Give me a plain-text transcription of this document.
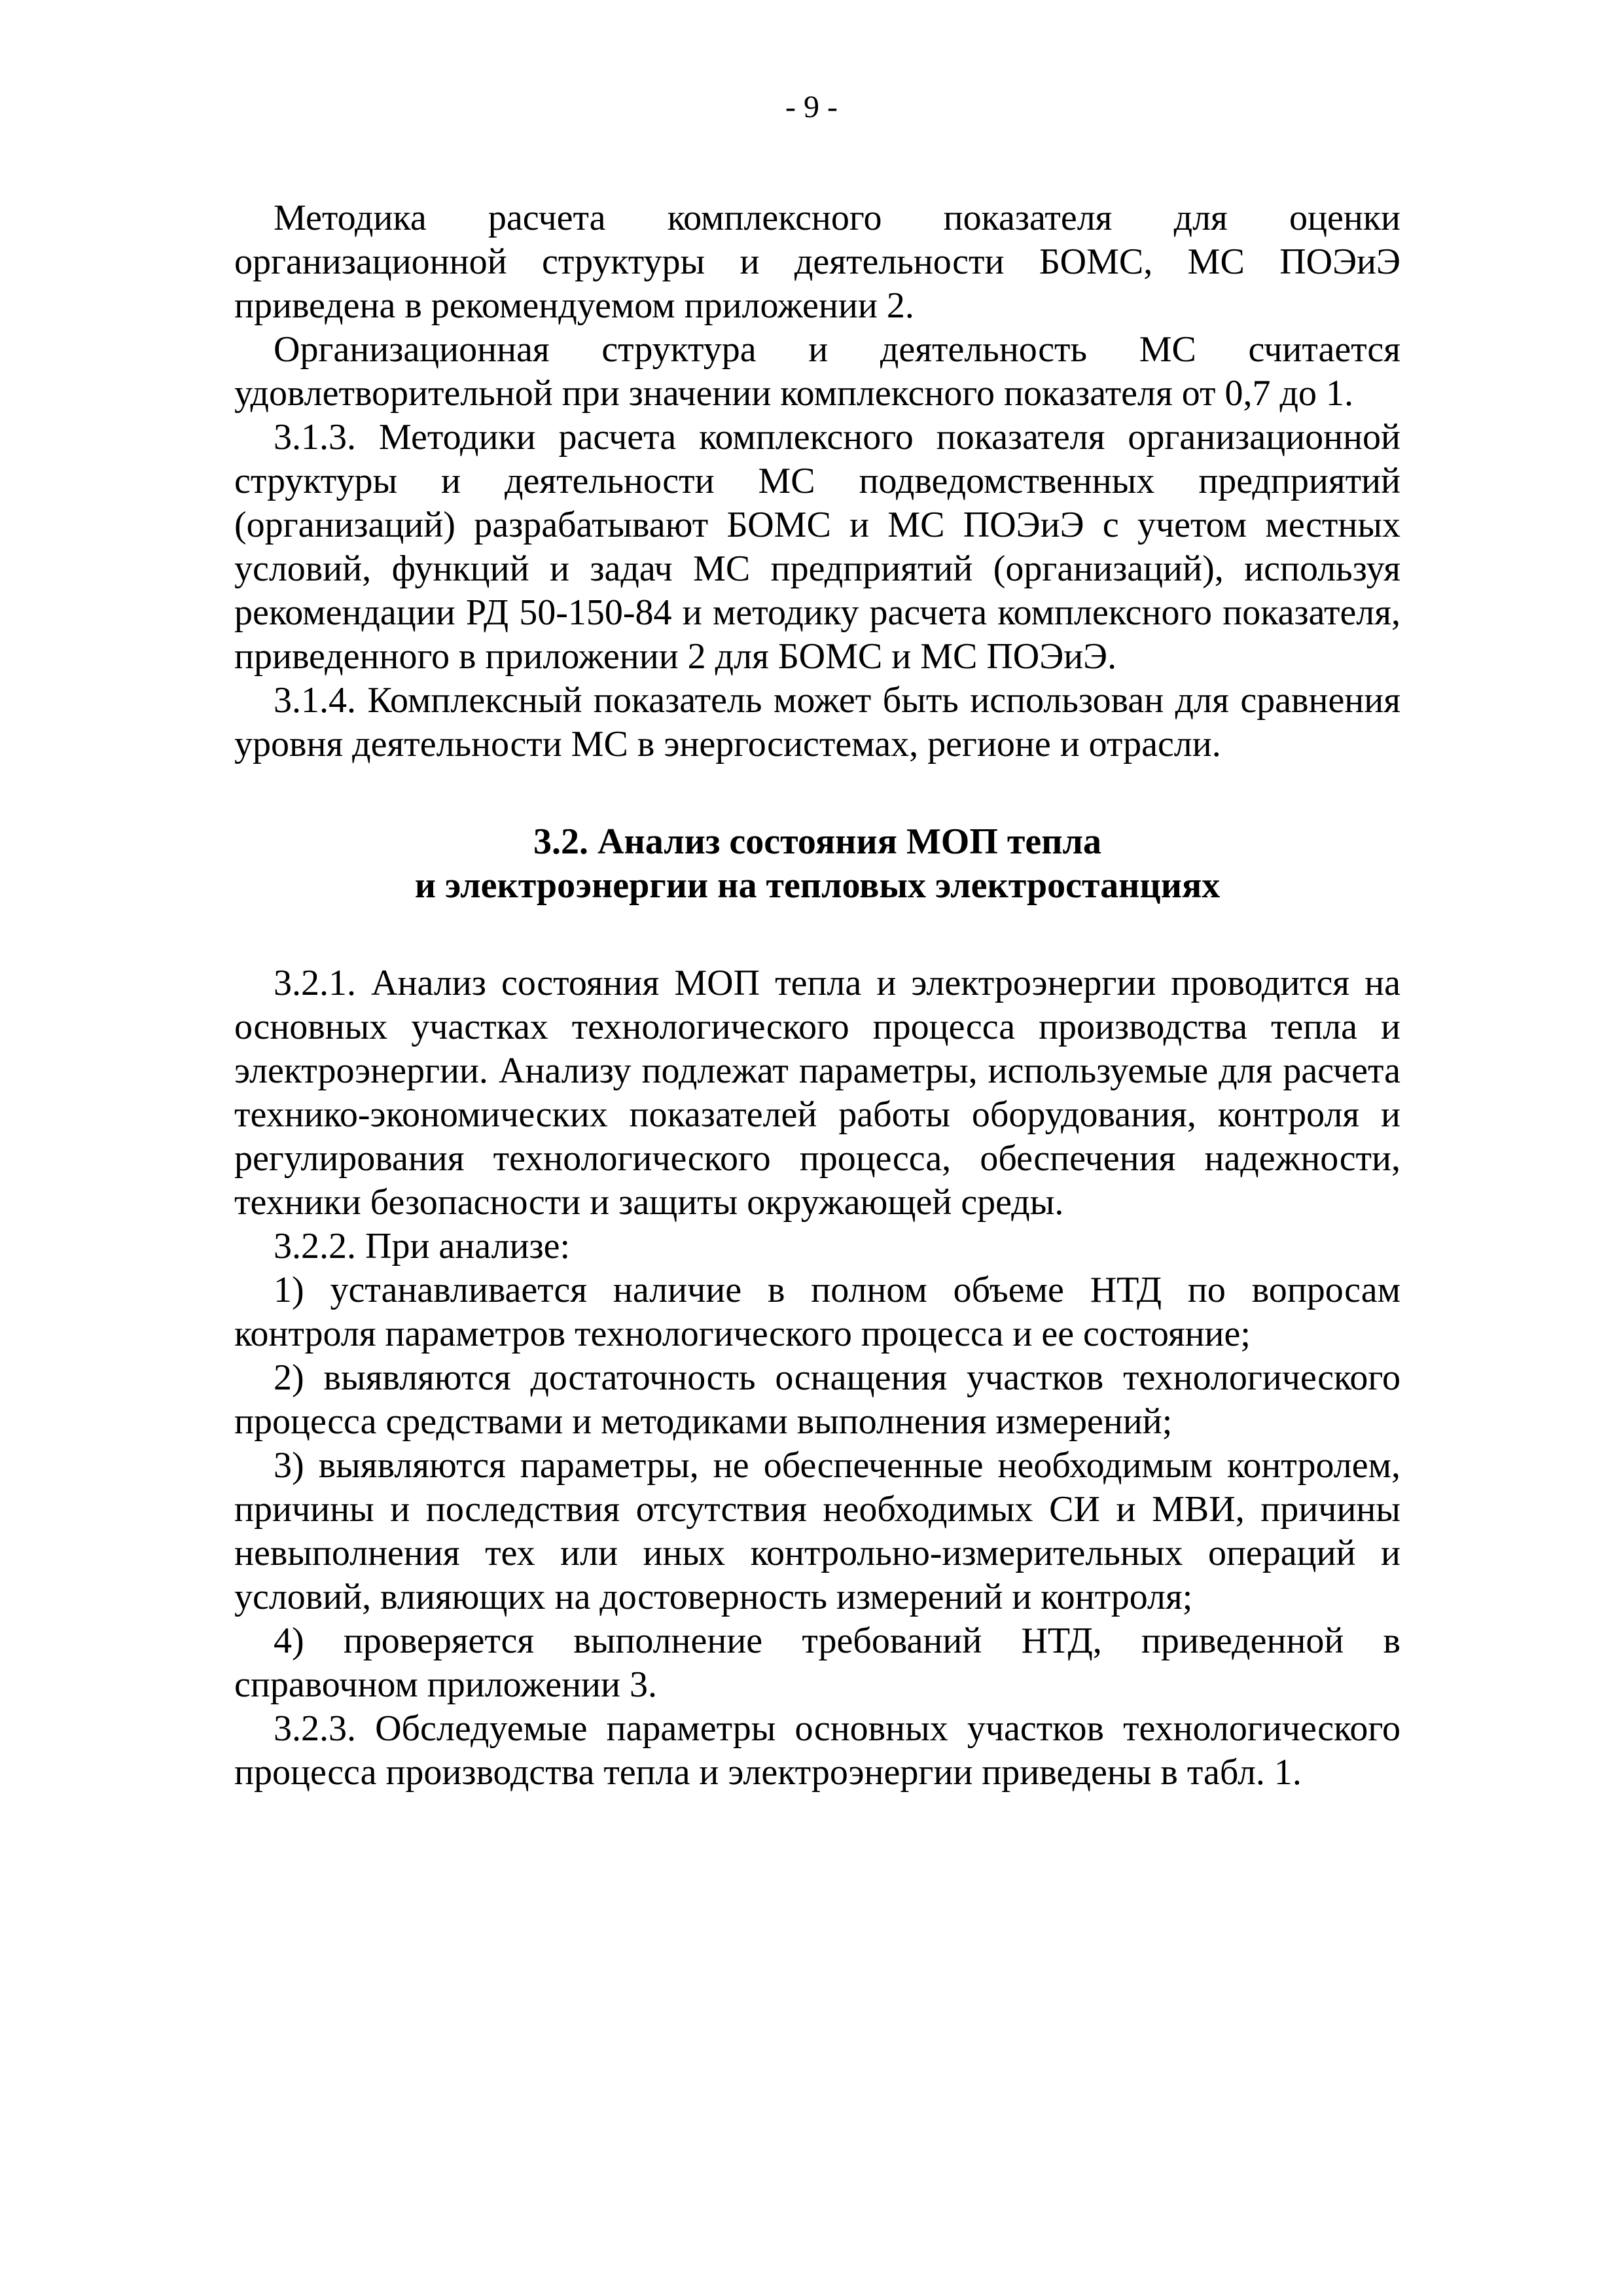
- 9 -

Методика расчета комплексного показателя для оценки организационной структуры и деятельности БОМС, МС ПОЭиЭ приведена в рекомендуемом приложении 2.

Организационная структура и деятельность МС считается удовлетворительной при значении комплексного показателя от 0,7 до 1.

3.1.3. Методики расчета комплексного показателя организационной структуры и деятельности МС подведомственных предприятий (организаций) разрабатывают БОМС и МС ПОЭиЭ с учетом местных условий, функций и задач МС предприятий (организаций), используя рекомендации РД 50-150-84 и методику расчета комплексного показателя, приведенного в приложении 2 для БОМС и МС ПОЭиЭ.

3.1.4. Комплексный показатель может быть использован для сравнения уровня деятельности МС в энергосистемах, регионе и отрасли.

3.2. Анализ состояния МОП тепла
и электроэнергии на тепловых электростанциях

3.2.1. Анализ состояния МОП тепла и электроэнергии проводится на основных участках технологического процесса производства тепла и электроэнергии. Анализу подлежат параметры, используемые для расчета технико-экономических показателей работы оборудования, контроля и регулирования технологического процесса, обеспечения надежности, техники безопасности и защиты окружающей среды.

3.2.2. При анализе:

1) устанавливается наличие в полном объеме НТД по вопросам контроля параметров технологического процесса и ее состояние;

2) выявляются достаточность оснащения участков технологического процесса средствами и методиками выполнения измерений;

3) выявляются параметры, не обеспеченные необходимым контролем, причины и последствия отсутствия необходимых СИ и МВИ, причины невыполнения тех или иных контрольно-измерительных операций и условий, влияющих на достоверность измерений и контроля;

4) проверяется выполнение требований НТД, приведенной в справочном приложении 3.

3.2.3. Обследуемые параметры основных участков технологического процесса производства тепла и электроэнергии приведены в табл. 1.
